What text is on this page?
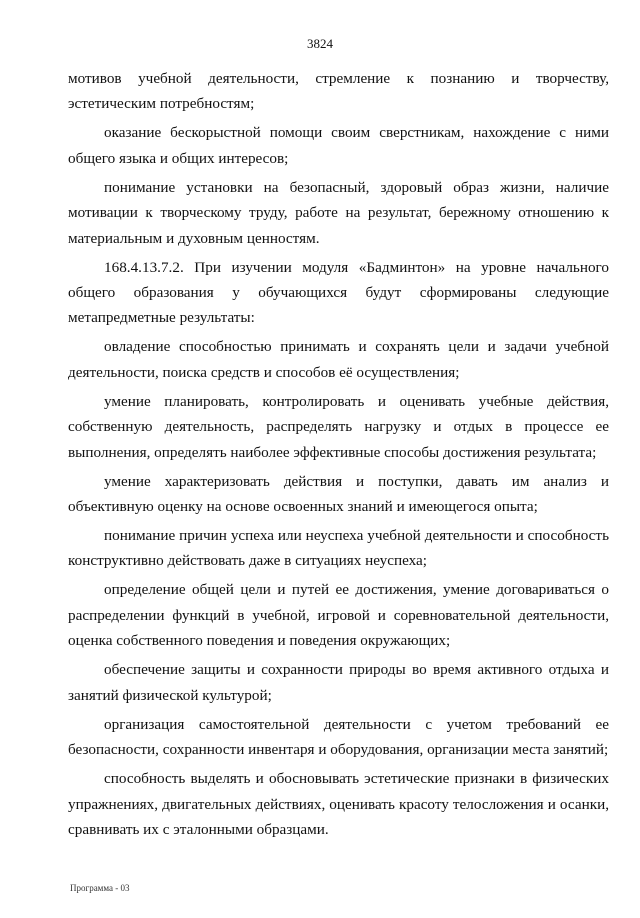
3824

мотивов учебной деятельности, стремление к познанию и творчеству, эстетическим потребностям;

оказание бескорыстной помощи своим сверстникам, нахождение с ними общего языка и общих интересов;

понимание установки на безопасный, здоровый образ жизни, наличие мотивации к творческому труду, работе на результат, бережному отношению к материальным и духовным ценностям.

168.4.13.7.2. При изучении модуля «Бадминтон» на уровне начального общего образования у обучающихся будут сформированы следующие метапредметные результаты:

овладение способностью принимать и сохранять цели и задачи учебной деятельности, поиска средств и способов её осуществления;

умение планировать, контролировать и оценивать учебные действия, собственную деятельность, распределять нагрузку и отдых в процессе ее выполнения, определять наиболее эффективные способы достижения результата;

умение характеризовать действия и поступки, давать им анализ и объективную оценку на основе освоенных знаний и имеющегося опыта;

понимание причин успеха или неуспеха учебной деятельности и способность конструктивно действовать даже в ситуациях неуспеха;

определение общей цели и путей ее достижения, умение договариваться о распределении функций в учебной, игровой и соревновательной деятельности, оценка собственного поведения и поведения окружающих;

обеспечение защиты и сохранности природы во время активного отдыха и занятий физической культурой;

организация самостоятельной деятельности с учетом требований ее безопасности, сохранности инвентаря и оборудования, организации места занятий;

способность выделять и обосновывать эстетические признаки в физических упражнениях, двигательных действиях, оценивать красоту телосложения и осанки, сравнивать их с эталонными образцами.

Программа - 03
